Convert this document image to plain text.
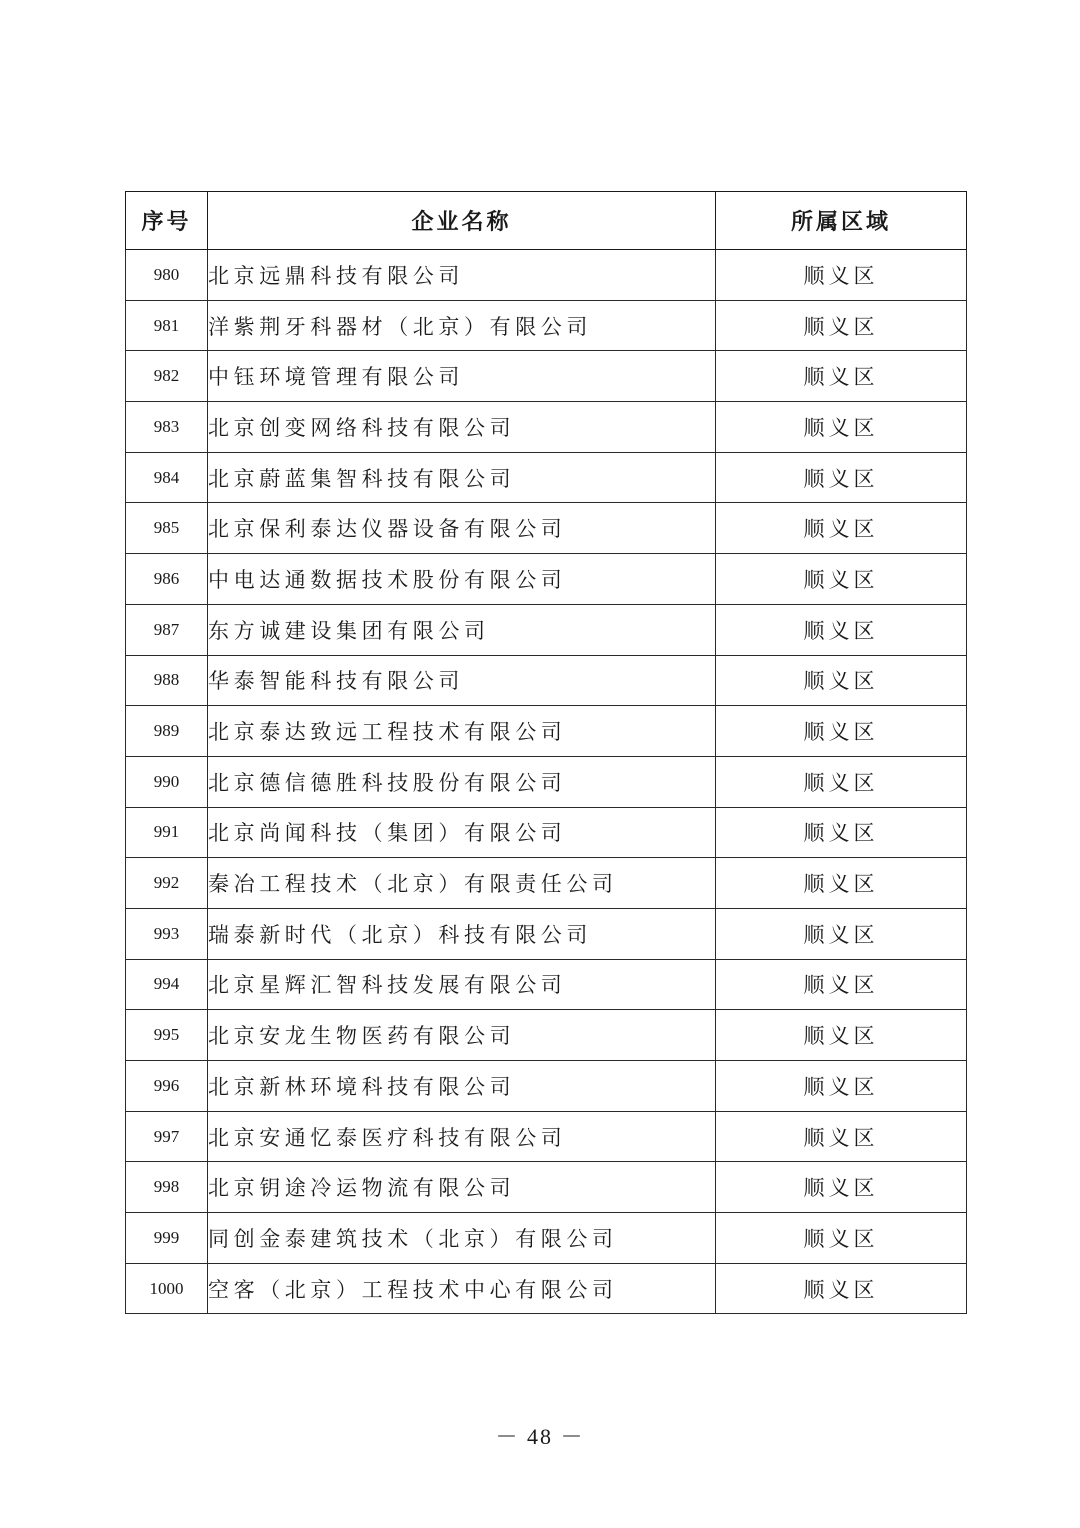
序号	企业名称	所属区域
980	北京远鼎科技有限公司	顺义区
981	洋紫荆牙科器材（北京）有限公司	顺义区
982	中钰环境管理有限公司	顺义区
983	北京创变网络科技有限公司	顺义区
984	北京蔚蓝集智科技有限公司	顺义区
985	北京保利泰达仪器设备有限公司	顺义区
986	中电达通数据技术股份有限公司	顺义区
987	东方诚建设集团有限公司	顺义区
988	华泰智能科技有限公司	顺义区
989	北京泰达致远工程技术有限公司	顺义区
990	北京德信德胜科技股份有限公司	顺义区
991	北京尚闻科技（集团）有限公司	顺义区
992	秦冶工程技术（北京）有限责任公司	顺义区
993	瑞泰新时代（北京）科技有限公司	顺义区
994	北京星辉汇智科技发展有限公司	顺义区
995	北京安龙生物医药有限公司	顺义区
996	北京新林环境科技有限公司	顺义区
997	北京安通忆泰医疗科技有限公司	顺义区
998	北京钥途冷运物流有限公司	顺义区
999	同创金泰建筑技术（北京）有限公司	顺义区
1000	空客（北京）工程技术中心有限公司	顺义区
－ 48 －
